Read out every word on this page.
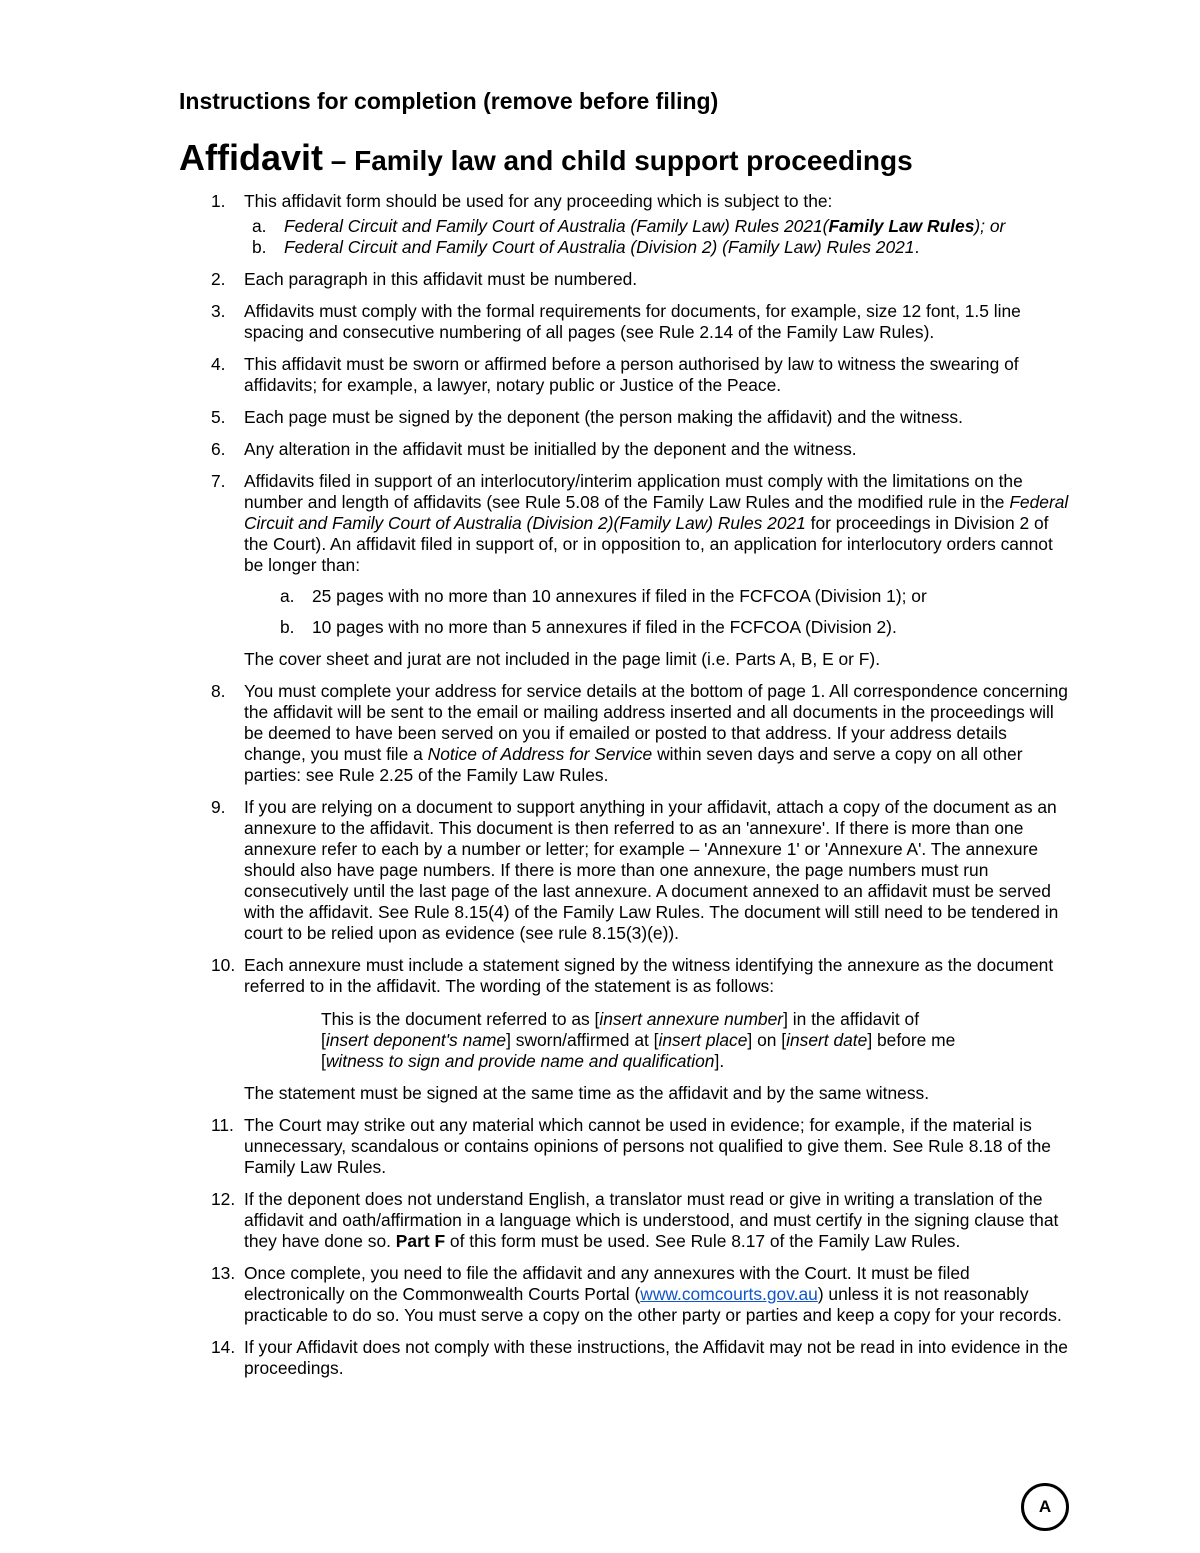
Instructions for completion (remove before filing)
Affidavit – Family law and child support proceedings
1.	This affidavit form should be used for any proceeding which is subject to the:
a.	Federal Circuit and Family Court of Australia (Family Law) Rules 2021(Family Law Rules); or
b.	Federal Circuit and Family Court of Australia (Division 2) (Family Law) Rules 2021.
2.	Each paragraph in this affidavit must be numbered.
3.	Affidavits must comply with the formal requirements for documents, for example, size 12 font, 1.5 line spacing and consecutive numbering of all pages (see Rule 2.14 of the Family Law Rules).
4.	This affidavit must be sworn or affirmed before a person authorised by law to witness the swearing of affidavits; for example, a lawyer, notary public or Justice of the Peace.
5.	Each page must be signed by the deponent (the person making the affidavit) and the witness.
6.	Any alteration in the affidavit must be initialled by the deponent and the witness.
7.	Affidavits filed in support of an interlocutory/interim application must comply with the limitations on the number and length of affidavits (see Rule 5.08 of the Family Law Rules and the modified rule in the Federal Circuit and Family Court of Australia (Division 2)(Family Law) Rules 2021 for proceedings in Division 2 of the Court). An affidavit filed in support of, or in opposition to, an application for interlocutory orders cannot be longer than:
a.	25 pages with no more than 10 annexures if filed in the FCFCOA (Division 1); or
b.	10 pages with no more than 5 annexures if filed in the FCFCOA (Division 2).
The cover sheet and jurat are not included in the page limit (i.e. Parts A, B, E or F).
8.	You must complete your address for service details at the bottom of page 1. All correspondence concerning the affidavit will be sent to the email or mailing address inserted and all documents in the proceedings will be deemed to have been served on you if emailed or posted to that address. If your address details change, you must file a Notice of Address for Service within seven days and serve a copy on all other parties: see Rule 2.25 of the Family Law Rules.
9.	If you are relying on a document to support anything in your affidavit, attach a copy of the document as an annexure to the affidavit. This document is then referred to as an 'annexure'. If there is more than one annexure refer to each by a number or letter; for example – 'Annexure 1' or 'Annexure A'. The annexure should also have page numbers. If there is more than one annexure, the page numbers must run consecutively until the last page of the last annexure. A document annexed to an affidavit must be served with the affidavit. See Rule 8.15(4) of the Family Law Rules. The document will still need to be tendered in court to be relied upon as evidence (see rule 8.15(3)(e)).
10. Each annexure must include a statement signed by the witness identifying the annexure as the document referred to in the affidavit. The wording of the statement is as follows:
This is the document referred to as [insert annexure number] in the affidavit of [insert deponent's name] sworn/affirmed at [insert place] on [insert date] before me [witness to sign and provide name and qualification].
The statement must be signed at the same time as the affidavit and by the same witness.
11. The Court may strike out any material which cannot be used in evidence; for example, if the material is unnecessary, scandalous or contains opinions of persons not qualified to give them. See Rule 8.18 of the Family Law Rules.
12. If the deponent does not understand English, a translator must read or give in writing a translation of the affidavit and oath/affirmation in a language which is understood, and must certify in the signing clause that they have done so. Part F of this form must be used. See Rule 8.17 of the Family Law Rules.
13. Once complete, you need to file the affidavit and any annexures with the Court. It must be filed electronically on the Commonwealth Courts Portal (www.comcourts.gov.au) unless it is not reasonably practicable to do so. You must serve a copy on the other party or parties and keep a copy for your records.
14. If your Affidavit does not comply with these instructions, the Affidavit may not be read in into evidence in the proceedings.
A
